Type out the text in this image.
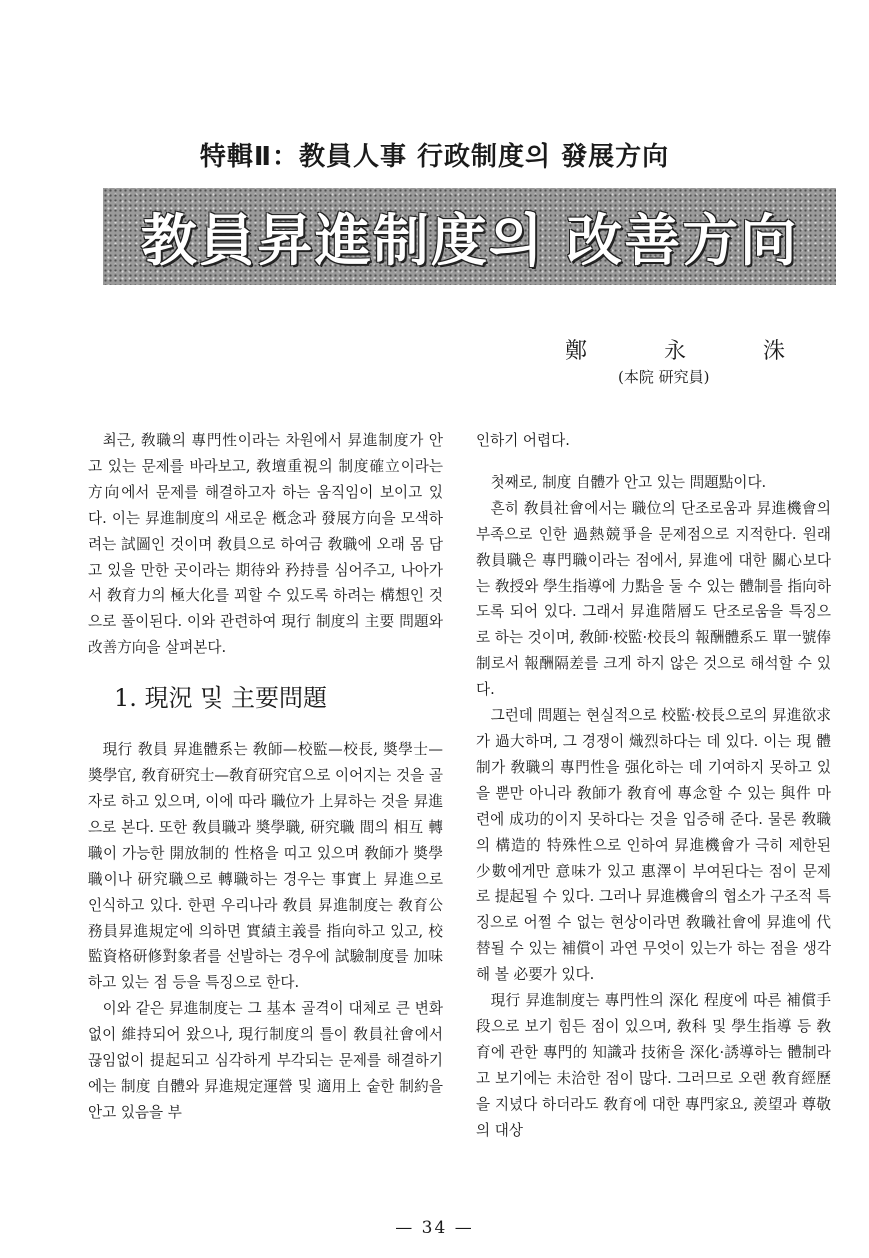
特輯Ⅱ：教員人事 行政制度의 發展方向
教員昇進制度의 改善方向
鄭	永	洙
(本院 研究員)

최근, 敎職의 專門性이라는 차원에서 昇進制度가 안고 있는 문제를 바라보고, 敎壇重視의 制度確立이라는 方向에서 문제를 해결하고자 하는 움직임이 보이고 있다. 이는 昇進制度의 새로운 槪念과 發展方向을 모색하려는 試圖인 것이며 敎員으로 하여금 敎職에 오래 몸 담고 있을 만한 곳이라는 期待와 矜持를 심어주고, 나아가서 敎育力의 極大化를 꾀할 수 있도록 하려는 構想인 것으로 풀이된다. 이와 관련하여 現行 制度의 主要 問題와 改善方向을 살펴본다.

1. 現況 및 主要問題

現行 敎員 昇進體系는 敎師—校監—校長, 奬學士—奬學官, 敎育研究士—敎育研究官으로 이어지는 것을 골자로 하고 있으며, 이에 따라 職位가 上昇하는 것을 昇進으로 본다. 또한 敎員職과 奬學職, 研究職 間의 相互 轉職이 가능한 開放制的 性格을 띠고 있으며 敎師가 奬學職이나 研究職으로 轉職하는 경우는 事實上 昇進으로 인식하고 있다. 한편 우리나라 敎員 昇進制度는 敎育公務員昇進規定에 의하면 實績主義를 指向하고 있고, 校監資格研修對象者를 선발하는 경우에 試驗制度를 加味하고 있는 점 등을 특징으로 한다.

이와 같은 昇進制度는 그 基本 골격이 대체로 큰 변화없이 維持되어 왔으나, 現行制度의 틀이 敎員社會에서 끊임없이 提起되고 심각하게 부각되는 문제를 해결하기에는 制度 自體와 昇進規定運營 및 適用上 숱한 制約을 안고 있음을 부

인하기 어렵다.

첫째로, 制度 自體가 안고 있는 問題點이다.

흔히 敎員社會에서는 職位의 단조로움과 昇進機會의 부족으로 인한 過熱競爭을 문제점으로 지적한다. 원래 敎員職은 專門職이라는 점에서, 昇進에 대한 關心보다는 敎授와 學生指導에 力點을 둘 수 있는 體制를 指向하도록 되어 있다. 그래서 昇進階層도 단조로움을 특징으로 하는 것이며, 敎師·校監·校長의 報酬體系도 單一號俸制로서 報酬隔差를 크게 하지 않은 것으로 해석할 수 있다.

그런데 問題는 현실적으로 校監·校長으로의 昇進欲求가 過大하며, 그 경쟁이 熾烈하다는 데 있다. 이는 現 體制가 敎職의 專門性을 强化하는 데 기여하지 못하고 있을 뿐만 아니라 敎師가 敎育에 專念할 수 있는 與件 마련에 成功的이지 못하다는 것을 입증해 준다. 물론 敎職의 構造的 特殊性으로 인하여 昇進機會가 극히 제한된 少數에게만 意味가 있고 惠澤이 부여된다는 점이 문제로 提起될 수 있다. 그러나 昇進機會의 협소가 구조적 특징으로 어쩔 수 없는 현상이라면 敎職社會에 昇進에 代替될 수 있는 補償이 과연 무엇이 있는가 하는 점을 생각해 볼 必要가 있다.

現行 昇進制度는 專門性의 深化 程度에 따른 補償手段으로 보기 힘든 점이 있으며, 敎科 및 學生指導 등 敎育에 관한 專門的 知識과 技術을 深化·誘導하는 體制라고 보기에는 未洽한 점이 많다. 그러므로 오랜 敎育經歷을 지녔다 하더라도 敎育에 대한 專門家요, 羨望과 尊敬의 대상

— 34 —
